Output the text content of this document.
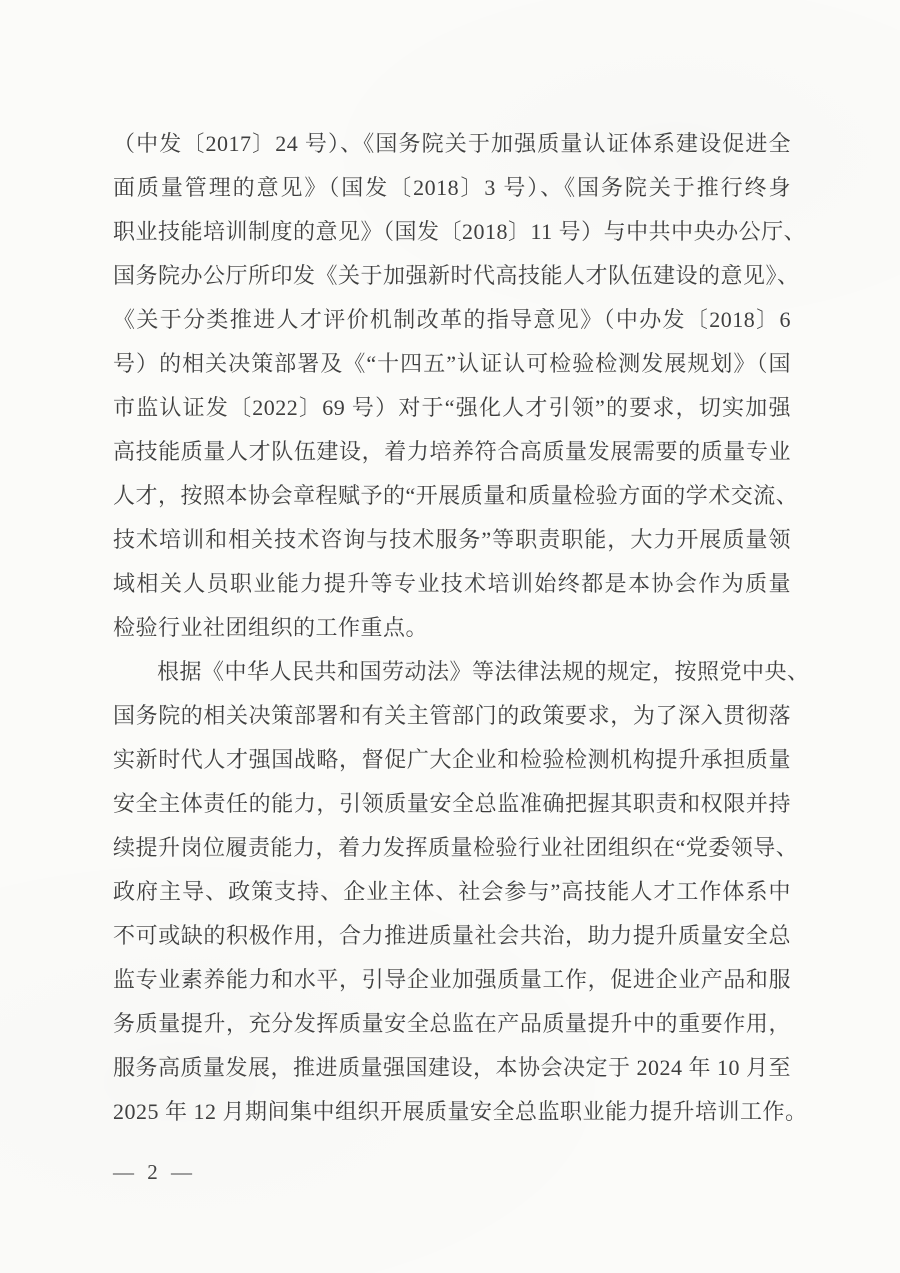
（中发〔2017〕24 号）、《国务院关于加强质量认证体系建设促进全
面质量管理的意见》（国发〔2018〕3 号）、《国务院关于推行终身
职业技能培训制度的意见》（国发〔2018〕11 号）与中共中央办公厅、
国务院办公厅所印发《关于加强新时代高技能人才队伍建设的意见》、
《关于分类推进人才评价机制改革的指导意见》（中办发〔2018〕6
号）的相关决策部署及《“十四五”认证认可检验检测发展规划》（国
市监认证发〔2022〕69 号）对于“强化人才引领”的要求，切实加强
高技能质量人才队伍建设，着力培养符合高质量发展需要的质量专业
人才，按照本协会章程赋予的“开展质量和质量检验方面的学术交流、
技术培训和相关技术咨询与技术服务”等职责职能，大力开展质量领
域相关人员职业能力提升等专业技术培训始终都是本协会作为质量
检验行业社团组织的工作重点。
根据《中华人民共和国劳动法》等法律法规的规定，按照党中央、
国务院的相关决策部署和有关主管部门的政策要求，为了深入贯彻落
实新时代人才强国战略，督促广大企业和检验检测机构提升承担质量
安全主体责任的能力，引领质量安全总监准确把握其职责和权限并持
续提升岗位履责能力，着力发挥质量检验行业社团组织在“党委领导、
政府主导、政策支持、企业主体、社会参与”高技能人才工作体系中
不可或缺的积极作用，合力推进质量社会共治，助力提升质量安全总
监专业素养能力和水平，引导企业加强质量工作，促进企业产品和服
务质量提升，充分发挥质量安全总监在产品质量提升中的重要作用，
服务高质量发展，推进质量强国建设，本协会决定于 2024 年 10 月至
2025 年 12 月期间集中组织开展质量安全总监职业能力提升培训工作。
— 2 —
